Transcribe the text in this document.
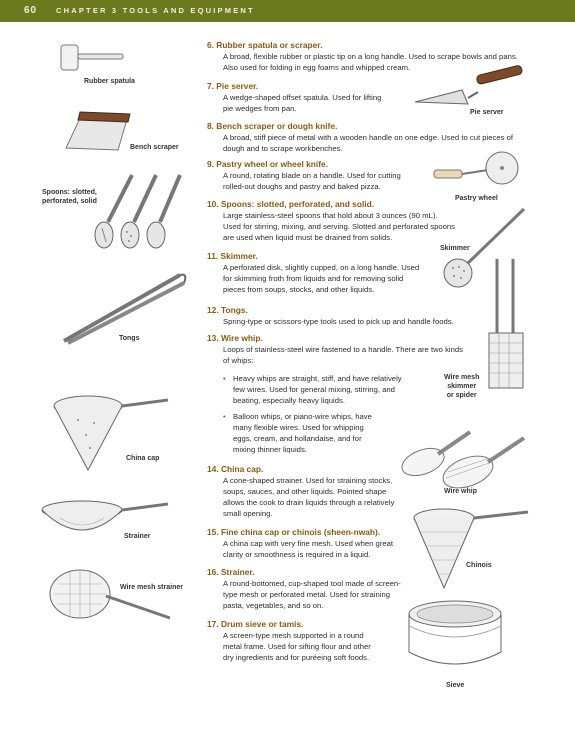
60	CHAPTER 3 TOOLS AND EQUIPMENT
6. Rubber spatula or scraper.
A broad, flexible rubber or plastic tip on a long handle. Used to scrape bowls and pans.
Also used for folding in egg foams and whipped cream.
7. Pie server.
A wedge-shaped offset spatula. Used for lifting
pie wedges from pan.
8. Bench scraper or dough knife.
A broad, stiff piece of metal with a wooden handle on one edge. Used to cut pieces of
dough and to scrape workbenches.
9. Pastry wheel or wheel knife.
A round, rotating blade on a handle. Used for cutting
rolled-out doughs and pastry and baked pizza.
10. Spoons: slotted, perforated, and solid.
Large stainless-steel spoons that hold about 3 ounces (90 mL).
Used for stirring, mixing, and serving. Slotted and perforated spoons
are used when liquid must be drained from solids.
11. Skimmer.
A perforated disk, slightly cupped, on a long handle. Used
for skimming froth from liquids and for removing solid
pieces from soups, stocks, and other liquids.
12. Tongs.
Spring-type or scissors-type tools used to pick up and handle foods.
13. Wire whip.
Loops of stainless-steel wire fastened to a handle. There are two kinds
of whips:
• Heavy whips are straight, stiff, and have relatively
few wires. Used for general mixing, stirring, and
beating, especially heavy liquids.
• Balloon whips, or piano-wire whips, have
many flexible wires. Used for whipping
eggs, cream, and hollandaise, and for
mixing thinner liquids.
14. China cap.
A cone-shaped strainer. Used for straining stocks,
soups, sauces, and other liquids. Pointed shape
allows the cook to drain liquids through a relatively
small opening.
15. Fine china cap or chinois (sheen-nwah).
A china cap with very fine mesh. Used when great
clarity or smoothness is required in a liquid.
16. Strainer.
A round-bottomed, cup-shaped tool made of screen-
type mesh or perforated metal. Used for straining
pasta, vegetables, and so on.
17. Drum sieve or tamis.
A screen-type mesh supported in a round
metal frame. Used for sifting flour and other
dry ingredients and for puréeing soft foods.
Rubber spatula
Pie server
Bench scraper
Pastry wheel
Spoons: slotted,
perforated, solid
Skimmer
Tongs
Wire mesh
skimmer
or spider
China cap
Wire whip
Strainer
Chinois
Wire mesh strainer
Sieve
